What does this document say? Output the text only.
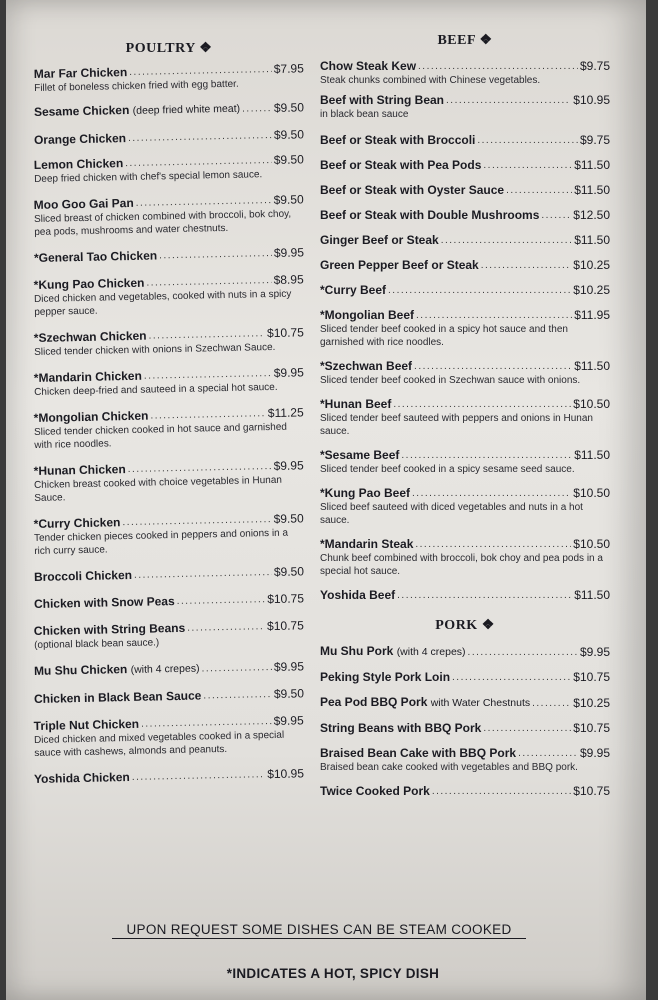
POULTRY ❖
Mar Far Chicken .....	$7.95
Fillet of boneless chicken fried with egg batter.
Sesame Chicken (deep fried white meat) .....	$9.50
Orange Chicken .....	$9.50
Lemon Chicken .....	$9.50
Deep fried chicken with chef's special lemon sauce.
Moo Goo Gai Pan .....	$9.50
Sliced breast of chicken combined with broccoli, bok choy, pea pods, mushrooms and water chestnuts.
*General Tao Chicken .....	$9.95
*Kung Pao Chicken .....	$8.95
Diced chicken and vegetables, cooked with nuts in a spicy pepper sauce.
*Szechwan Chicken .....	$10.75
Sliced tender chicken with onions in Szechwan Sauce.
*Mandarin Chicken .....	$9.95
Chicken deep-fried and sauteed in a special hot sauce.
*Mongolian Chicken .....	$11.25
Sliced tender chicken cooked in hot sauce and garnished with rice noodles.
*Hunan Chicken .....	$9.95
Chicken breast cooked with choice vegetables in Hunan Sauce.
*Curry Chicken .....	$9.50
Tender chicken pieces cooked in peppers and onions in a rich curry sauce.
Broccoli Chicken .....	$9.50
Chicken with Snow Peas .....	$10.75
Chicken with String Beans .....	$10.75
(optional black bean sauce.)
Mu Shu Chicken (with 4 crepes) .....	$9.95
Chicken in Black Bean Sauce .....	$9.50
Triple Nut Chicken .....	$9.95
Diced chicken and mixed vegetables cooked in a special sauce with cashews, almonds and peanuts.
Yoshida Chicken .....	$10.95
BEEF ❖
Chow Steak Kew .....	$9.75
Steak chunks combined with Chinese vegetables.
Beef with String Bean .....	$10.95
in black bean sauce
Beef or Steak with Broccoli .....	$9.75
Beef or Steak with Pea Pods .....	$11.50
Beef or Steak with Oyster Sauce .....	$11.50
Beef or Steak with Double Mushrooms .....	$12.50
Ginger Beef or Steak .....	$11.50
Green Pepper Beef or Steak .....	$10.25
*Curry Beef .....	$10.25
*Mongolian Beef .....	$11.95
Sliced tender beef cooked in a spicy hot sauce and then garnished with rice noodles.
*Szechwan Beef .....	$11.50
Sliced tender beef cooked in Szechwan sauce with onions.
*Hunan Beef .....	$10.50
Sliced tender beef sauteed with peppers and onions in Hunan sauce.
*Sesame Beef .....	$11.50
Sliced tender beef cooked in a spicy sesame seed sauce.
*Kung Pao Beef .....	$10.50
Sliced beef sauteed with diced vegetables and nuts in a hot sauce.
*Mandarin Steak .....	$10.50
Chunk beef combined with broccoli, bok choy and pea pods in a special hot sauce.
Yoshida Beef .....	$11.50
PORK ❖
Mu Shu Pork (with 4 crepes) .....	$9.95
Peking Style Pork Loin .....	$10.75
Pea Pod BBQ Pork with Water Chestnuts .....	$10.25
String Beans with BBQ Pork .....	$10.75
Braised Bean Cake with BBQ Pork .....	$9.95
Braised bean cake cooked with vegetables and BBQ pork.
Twice Cooked Pork .....	$10.75
UPON REQUEST SOME DISHES CAN BE STEAM COOKED
*INDICATES A HOT, SPICY DISH
